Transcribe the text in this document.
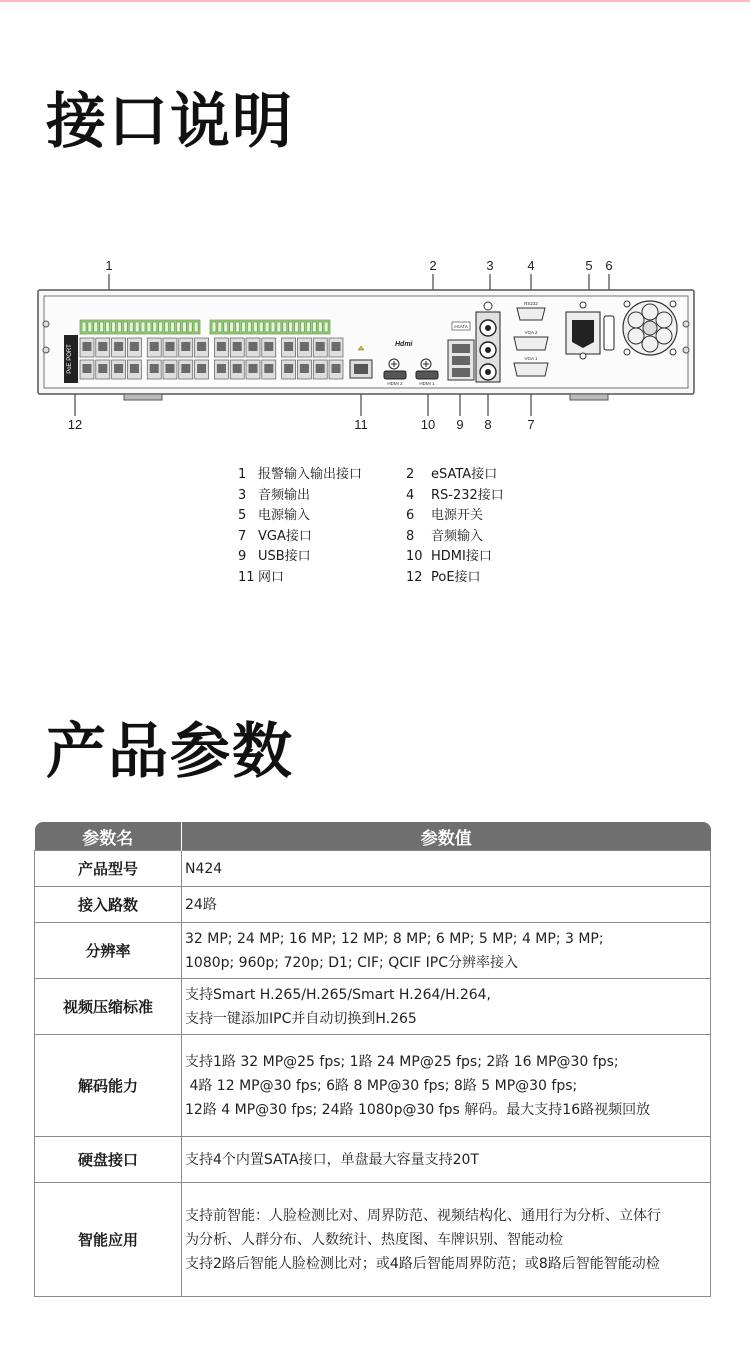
接口说明
1	2	3	4	5 6
12	11	10 9 8	7
PoE PORT	Hdmi
HDMI 2	HDMI 1
eSATA
RS232
VGA 2
VGA 1
1 报警输入输出接口
3 音频输出
5 电源输入
7 VGA接口
9 USB接口
11 网口
2	eSATA接口
4	RS-232接口
6	电源开关
8	音频输入
10 HDMI接口
12 PoE接口
产品参数
参数名	参数值
产品型号	N424

接入路数	24路

分辨率	32 MP; 24 MP; 16 MP; 12 MP; 8 MP; 6 MP; 5 MP; 4 MP; 3 MP;
1080p; 960p; 720p; D1; CIF; QCIF IPC分辨率接入

视频压缩标准	支持Smart H.265/H.265/Smart H.264/H.264,
支持一键添加IPC并自动切换到H.265

解码能力	支持1路 32 MP@25 fps; 1路 24 MP@25 fps; 2路 16 MP@30 fps;
4路 12 MP@30 fps; 6路 8 MP@30 fps; 8路 5 MP@30 fps;
12路 4 MP@30 fps; 24路 1080p@30 fps 解码。最大支持16路视频回放

硬盘接口	支持4个内置SATA接口，单盘最大容量支持20T

智能应用	支持前智能：人脸检测比对、周界防范、视频结构化、通用行为分析、立体行
为分析、人群分布、人数统计、热度图、车牌识别、智能动检
支持2路后智能人脸检测比对；或4路后智能周界防范；或8路后智能智能动检
